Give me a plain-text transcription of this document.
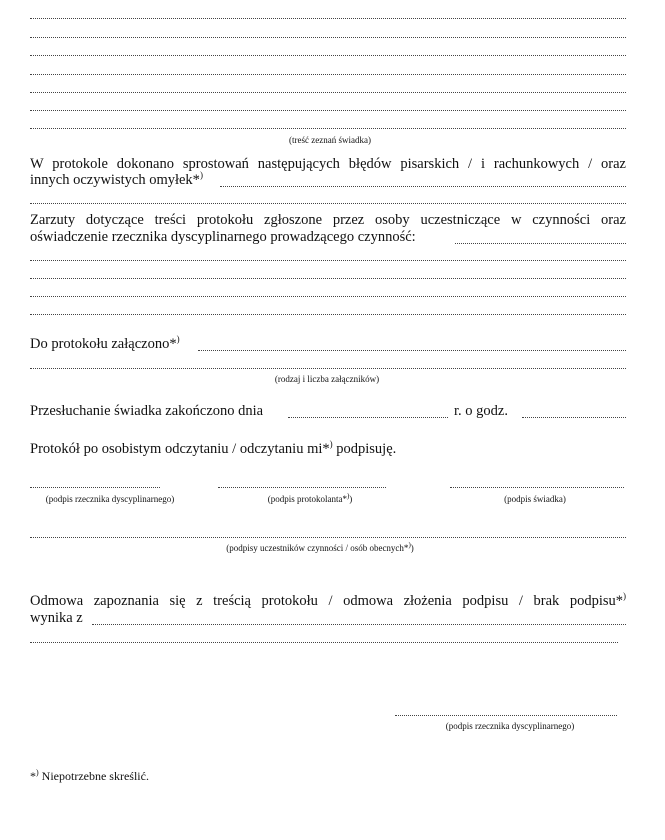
(treść zeznań świadka)
W protokole dokonano sprostowań następujących błędów pisarskich / i rachunkowych / oraz
innych oczywistych omyłek*)
Zarzuty dotyczące treści protokołu zgłoszone przez osoby uczestniczące w czynności oraz
oświadczenie rzecznika dyscyplinarnego prowadzącego czynność:
Do protokołu załączono*)
(rodzaj i liczba załączników)
Przesłuchanie świadka zakończono dnia	r. o godz.
Protokół po osobistym odczytaniu / odczytaniu mi*) podpisuję.
(podpis rzecznika dyscyplinarnego)	(podpis protokolanta*))	(podpis świadka)
(podpisy uczestników czynności / osób obecnych*))
Odmowa zapoznania się z treścią protokołu / odmowa złożenia podpisu / brak podpisu*)
wynika z
(podpis rzecznika dyscyplinarnego)
*) Niepotrzebne skreślić.
